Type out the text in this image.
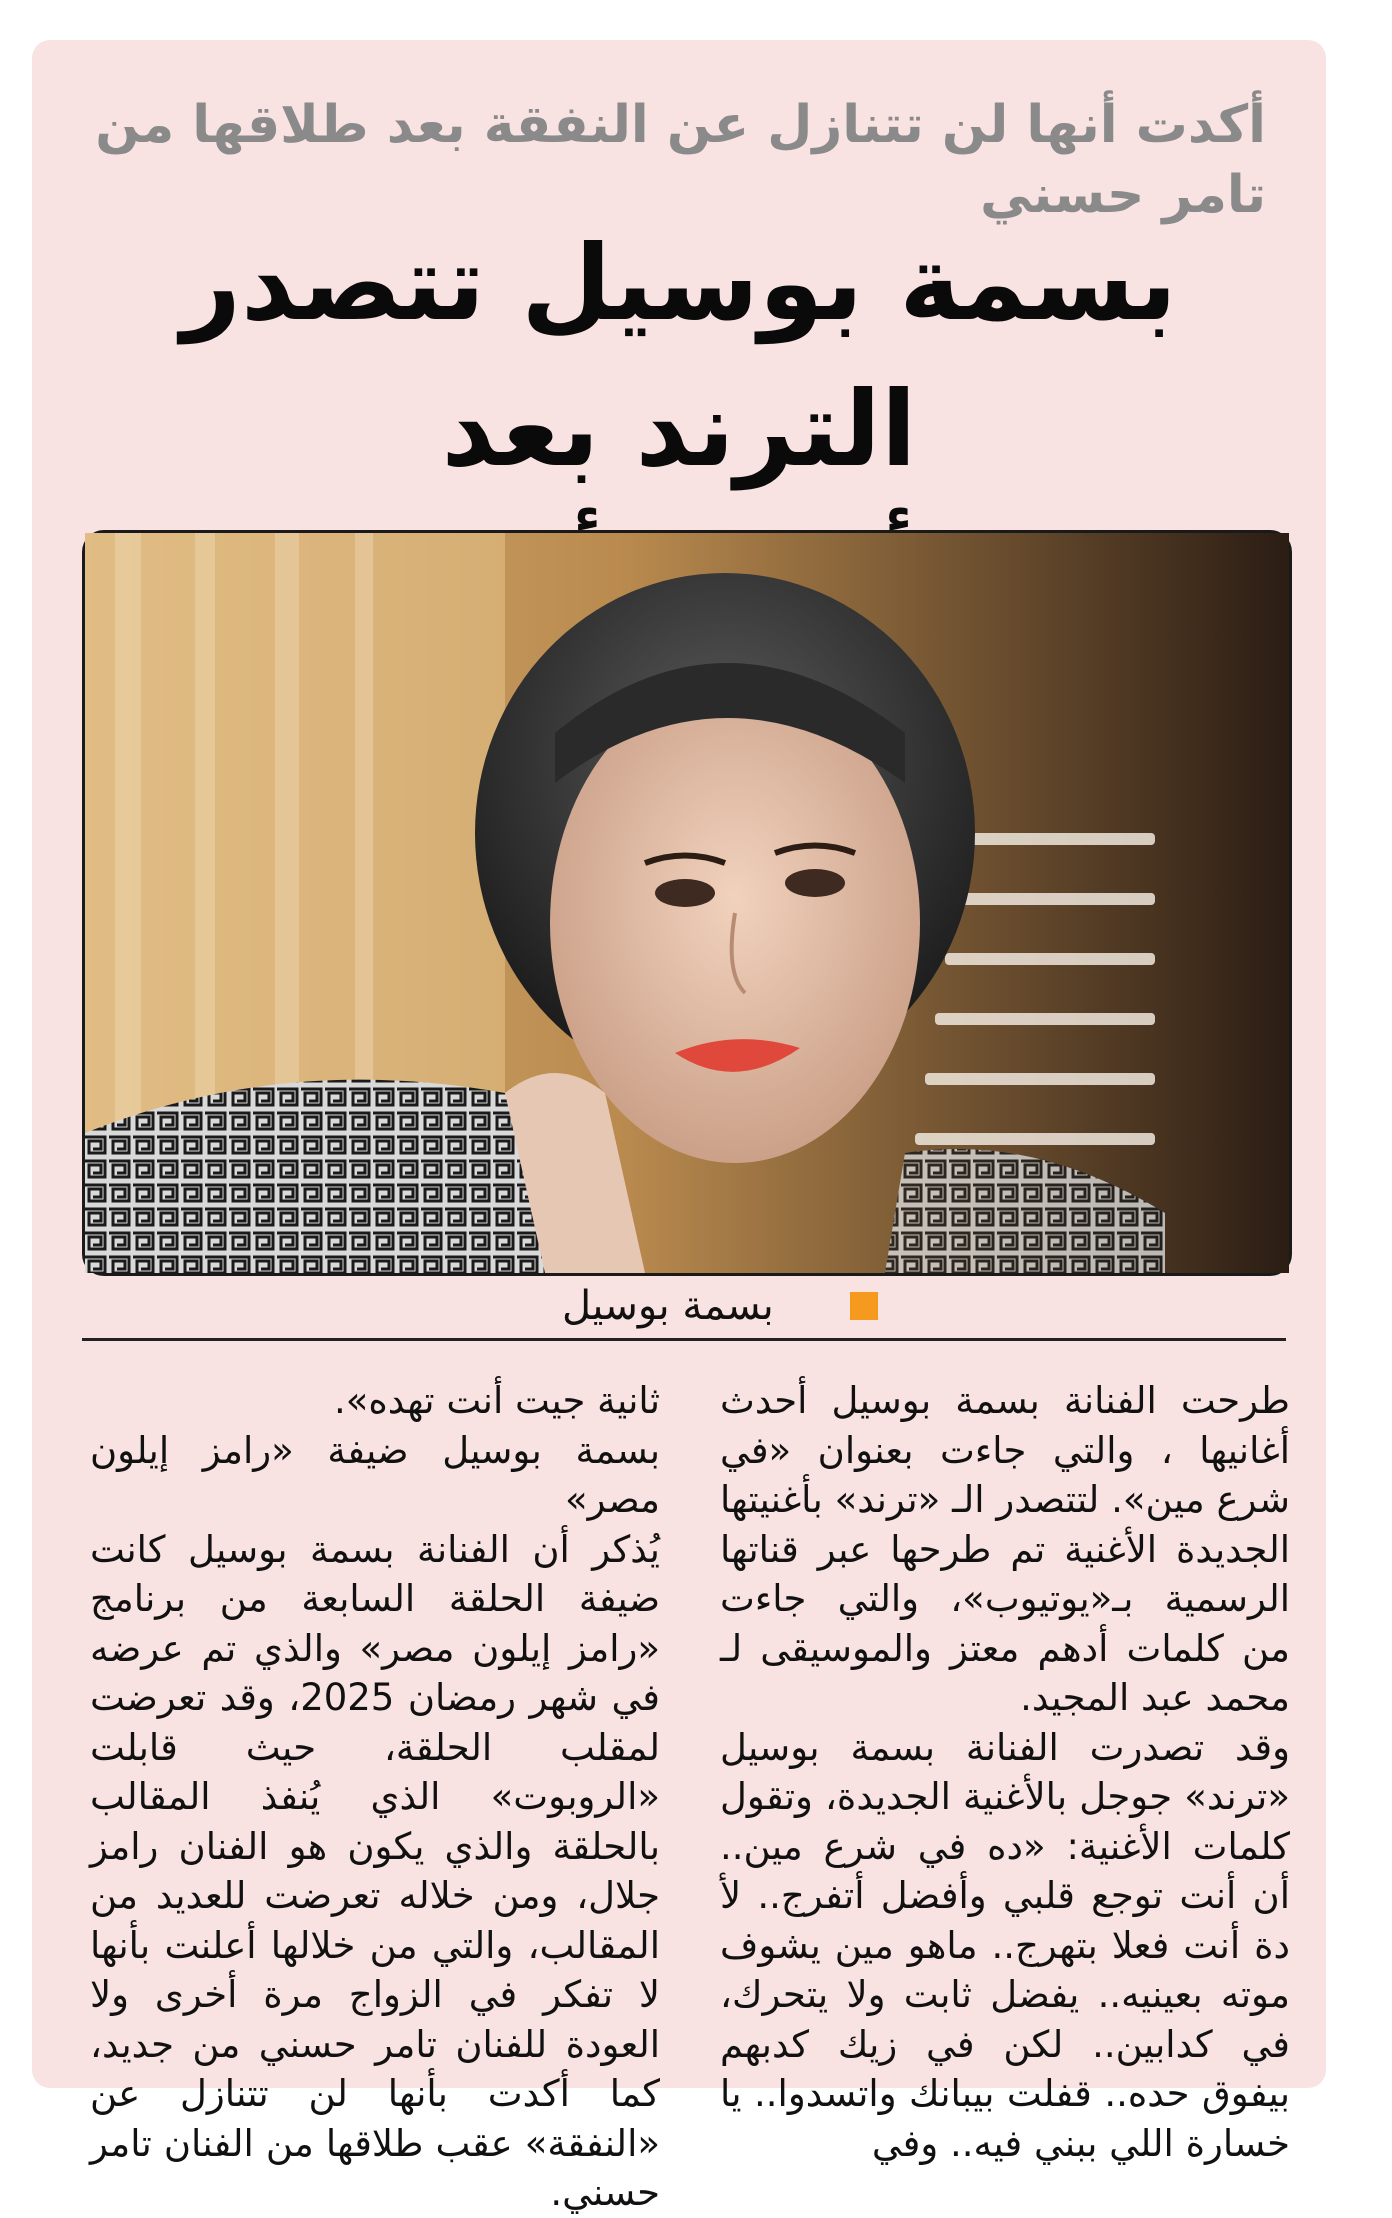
أكدت أنها لن تتنازل عن النفقة بعد طلاقها من تامر حسني
بسمة بوسيل تتصدر الترند بعد
بسمة بوسيل

طرحت الفنانة بسمة بوسيل أحدث أغانيها ، والتي جاءت بعنوان «في شرع مين». لتتصدر الـ «ترند» بأغنيتها الجديدة الأغنية تم طرحها عبر قناتها الرسمية بـ«يوتيوب»، والتي جاءت من كلمات أدهم معتز والموسيقى لـ محمد عبد المجيد.

وقد تصدرت الفنانة بسمة بوسيل «ترند» جوجل بالأغنية الجديدة، وتقول كلمات الأغنية: «ده في شرع مين.. أن أنت توجع قلبي وأفضل أتفرج.. لأ دة أنت فعلا بتهرج.. ماهو مين يشوف موته بعينيه.. يفضل ثابت ولا يتحرك، في كدابين.. لكن في زيك كدبهم بيفوق حده.. قفلت بيبانك واتسدوا.. يا خسارة اللي ببني فيه.. وفي

ثانية جيت أنت تهده».

بسمة بوسيل ضيفة «رامز إيلون مصر»

يُذكر أن الفنانة بسمة بوسيل كانت ضيفة الحلقة السابعة من برنامج «رامز إيلون مصر» والذي تم عرضه في شهر رمضان 2025، وقد تعرضت لمقلب الحلقة، حيث قابلت «الروبوت» الذي يُنفذ المقالب بالحلقة والذي يكون هو الفنان رامز جلال، ومن خلاله تعرضت للعديد من المقالب، والتي من خلالها أعلنت بأنها لا تفكر في الزواج مرة أخرى ولا العودة للفنان تامر حسني من جديد، كما أكدت بأنها لن تتنازل عن «النفقة» عقب طلاقها من الفنان تامر حسني.
